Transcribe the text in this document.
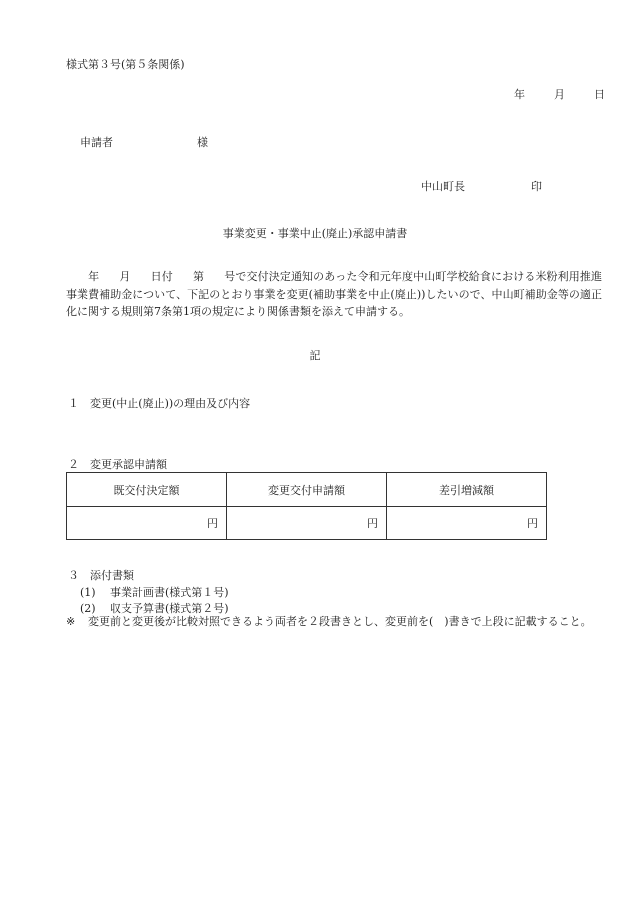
様式第３号(第５条関係)
年	月	日
申請者	様
中山町長	印
事業変更・事業中止(廃止)承認申請書
年 月 日付 第 号で交付決定通知のあった令和元年度中山町学校給食における米粉利用推進事業費補助金について、下記のとおり事業を変更(補助事業を中止(廃止))したいので、中山町補助金等の適正化に関する規則第7条第1項の規定により関係書類を添えて申請する。
記
１ 変更(中止(廃止))の理由及び内容
２ 変更承認申請額
既交付決定額	変更交付申請額	差引増減額
円	円	円
３ 添付書類
(1) 事業計画書(様式第１号)
(2) 収支予算書(様式第２号)
※	変更前と変更後が比較対照できるよう両者を２段書きとし、変更前を(　)書きで上段に記載すること。
